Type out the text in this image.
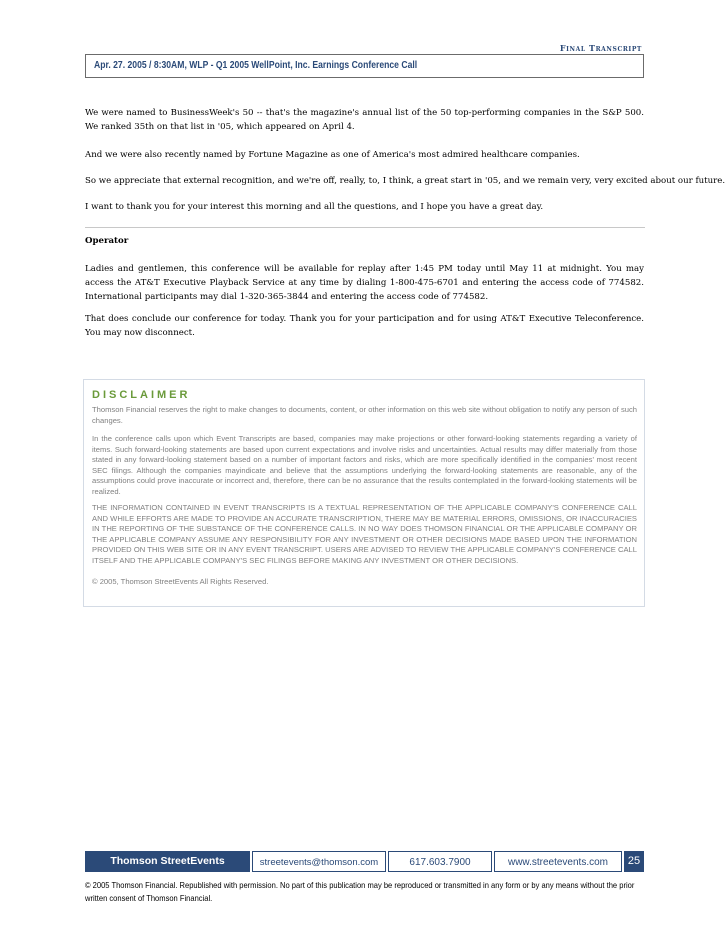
Final Transcript
Apr. 27. 2005 / 8:30AM, WLP - Q1 2005 WellPoint, Inc. Earnings Conference Call
We were named to BusinessWeek's 50 -- that's the magazine's annual list of the 50 top-performing companies in the S&P 500. We ranked 35th on that list in '05, which appeared on April 4.
And we were also recently named by Fortune Magazine as one of America's most admired healthcare companies.
So we appreciate that external recognition, and we're off, really, to, I think, a great start in '05, and we remain very, very excited about our future.
I want to thank you for your interest this morning and all the questions, and I hope you have a great day.
Operator
Ladies and gentlemen, this conference will be available for replay after 1:45 PM today until May 11 at midnight. You may access the AT&T Executive Playback Service at any time by dialing 1-800-475-6701 and entering the access code of 774582. International participants may dial 1-320-365-3844 and entering the access code of 774582.
That does conclude our conference for today. Thank you for your participation and for using AT&T Executive Teleconference. You may now disconnect.
DISCLAIMER
Thomson Financial reserves the right to make changes to documents, content, or other information on this web site without obligation to notify any person of such changes.
In the conference calls upon which Event Transcripts are based, companies may make projections or other forward-looking statements regarding a variety of items. Such forward-looking statements are based upon current expectations and involve risks and uncertainties. Actual results may differ materially from those stated in any forward-looking statement based on a number of important factors and risks, which are more specifically identified in the companies' most recent SEC filings. Although the companies mayindicate and believe that the assumptions underlying the forward-looking statements are reasonable, any of the assumptions could prove inaccurate or incorrect and, therefore, there can be no assurance that the results contemplated in the forward-looking statements will be realized.
THE INFORMATION CONTAINED IN EVENT TRANSCRIPTS IS A TEXTUAL REPRESENTATION OF THE APPLICABLE COMPANY'S CONFERENCE CALL AND WHILE EFFORTS ARE MADE TO PROVIDE AN ACCURATE TRANSCRIPTION, THERE MAY BE MATERIAL ERRORS, OMISSIONS, OR INACCURACIES IN THE REPORTING OF THE SUBSTANCE OF THE CONFERENCE CALLS. IN NO WAY DOES THOMSON FINANCIAL OR THE APPLICABLE COMPANY OR THE APPLICABLE COMPANY ASSUME ANY RESPONSIBILITY FOR ANY INVESTMENT OR OTHER DECISIONS MADE BASED UPON THE INFORMATION PROVIDED ON THIS WEB SITE OR IN ANY EVENT TRANSCRIPT. USERS ARE ADVISED TO REVIEW THE APPLICABLE COMPANY'S CONFERENCE CALL ITSELF AND THE APPLICABLE COMPANY'S SEC FILINGS BEFORE MAKING ANY INVESTMENT OR OTHER DECISIONS.
© 2005, Thomson StreetEvents All Rights Reserved.
Thomson StreetEvents	streetevents@thomson.com	617.603.7900	www.streetevents.com	25
© 2005 Thomson Financial. Republished with permission. No part of this publication may be reproduced or transmitted in any form or by any means without the prior written consent of Thomson Financial.
